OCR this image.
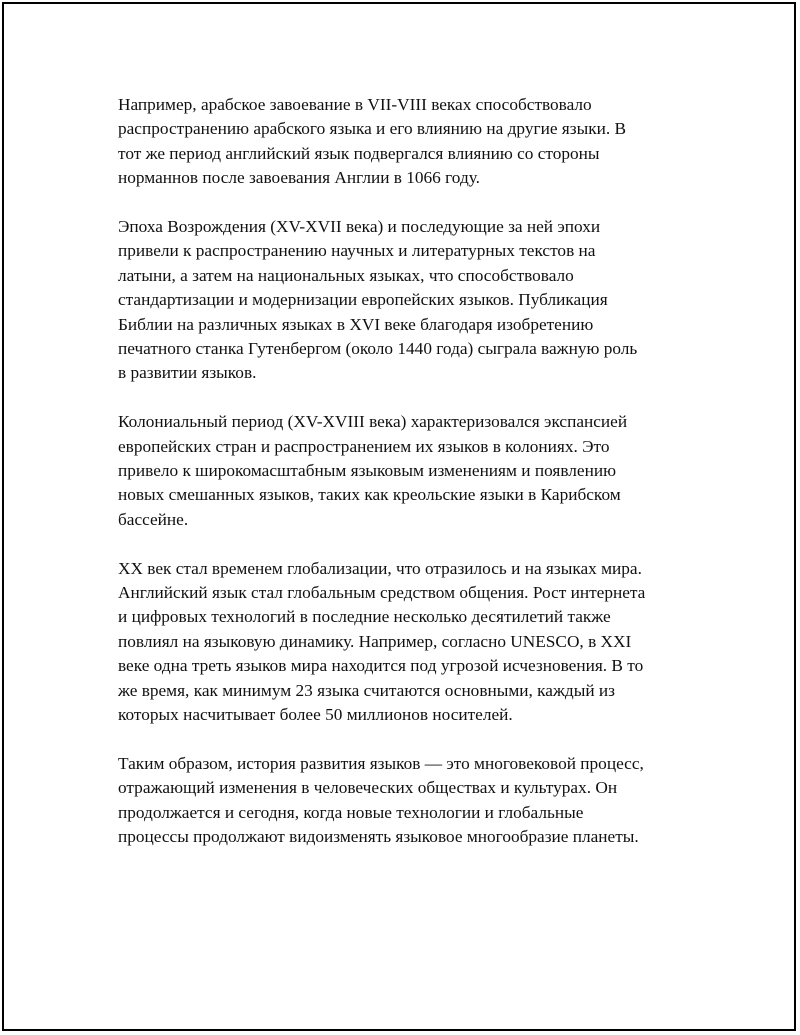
Например, арабское завоевание в VII-VIII веках способствовало
распространению арабского языка и его влиянию на другие языки. В
тот же период английский язык подвергался влиянию со стороны
норманнов после завоевания Англии в 1066 году.

Эпоха Возрождения (XV-XVII века) и последующие за ней эпохи
привели к распространению научных и литературных текстов на
латыни, а затем на национальных языках, что способствовало
стандартизации и модернизации европейских языков. Публикация
Библии на различных языках в XVI веке благодаря изобретению
печатного станка Гутенбергом (около 1440 года) сыграла важную роль
в развитии языков.

Колониальный период (XV-XVIII века) характеризовался экспансией
европейских стран и распространением их языков в колониях. Это
привело к широкомасштабным языковым изменениям и появлению
новых смешанных языков, таких как креольские языки в Карибском
бассейне.

XX век стал временем глобализации, что отразилось и на языках мира.
Английский язык стал глобальным средством общения. Рост интернета
и цифровых технологий в последние несколько десятилетий также
повлиял на языковую динамику. Например, согласно UNESCO, в XXI
веке одна треть языков мира находится под угрозой исчезновения. В то
же время, как минимум 23 языка считаются основными, каждый из
которых насчитывает более 50 миллионов носителей.

Таким образом, история развития языков — это многовековой процесс,
отражающий изменения в человеческих обществах и культурах. Он
продолжается и сегодня, когда новые технологии и глобальные
процессы продолжают видоизменять языковое многообразие планеты.
